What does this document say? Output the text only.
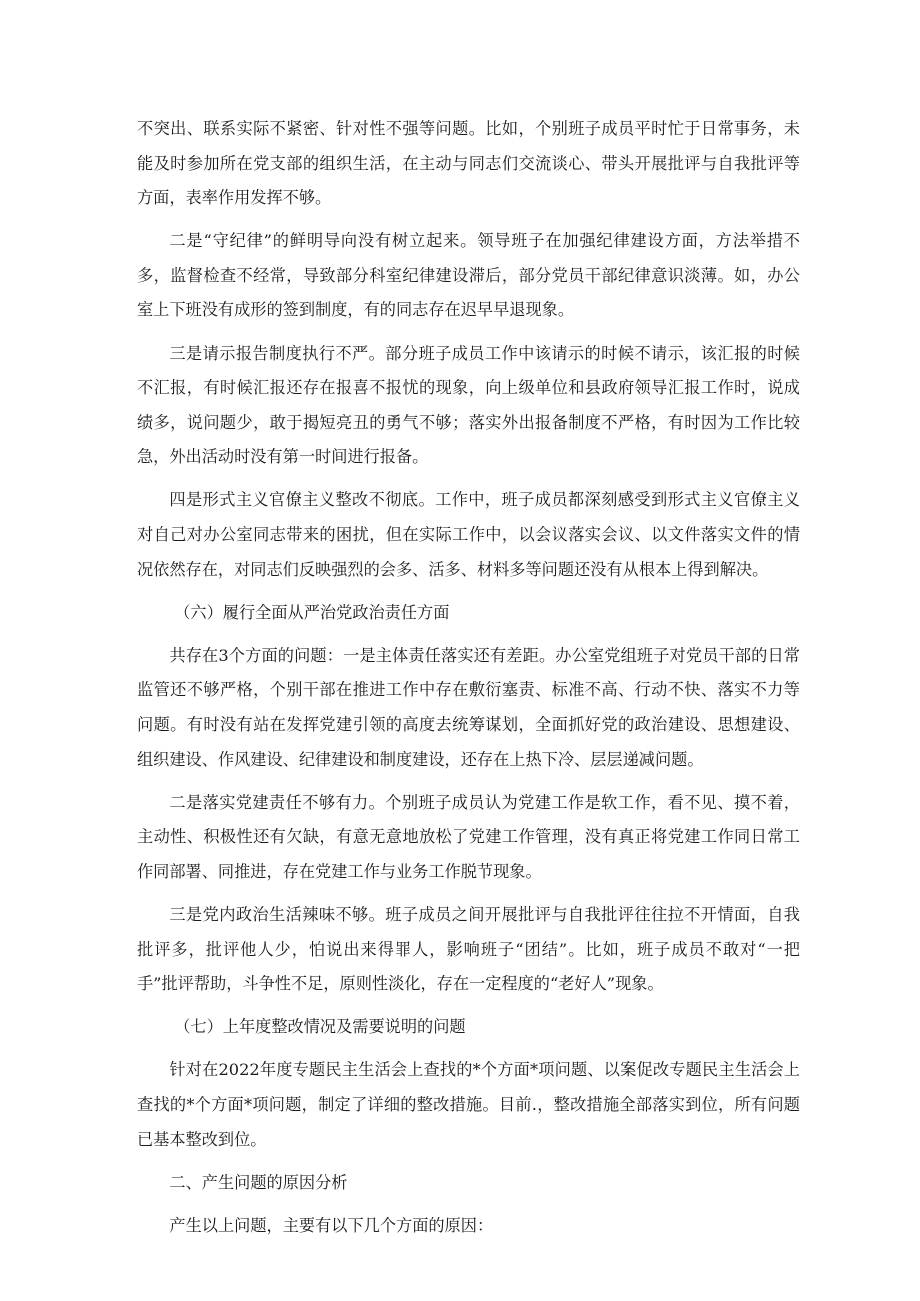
不突出、联系实际不紧密、针对性不强等问题。比如，个别班子成员平时忙于日常事务，未能及时参加所在党支部的组织生活，在主动与同志们交流谈心、带头开展批评与自我批评等方面，表率作用发挥不够。

二是“守纪律”的鲜明导向没有树立起来。领导班子在加强纪律建设方面，方法举措不多，监督检查不经常，导致部分科室纪律建设滞后，部分党员干部纪律意识淡薄。如，办公室上下班没有成形的签到制度，有的同志存在迟早早退现象。

三是请示报告制度执行不严。部分班子成员工作中该请示的时候不请示，该汇报的时候不汇报，有时候汇报还存在报喜不报忧的现象，向上级单位和县政府领导汇报工作时，说成绩多，说问题少，敢于揭短亮丑的勇气不够；落实外出报备制度不严格，有时因为工作比较急，外出活动时没有第一时间进行报备。

四是形式主义官僚主义整改不彻底。工作中，班子成员都深刻感受到形式主义官僚主义对自己对办公室同志带来的困扰，但在实际工作中，以会议落实会议、以文件落实文件的情况依然存在，对同志们反映强烈的会多、活多、材料多等问题还没有从根本上得到解决。

（六）履行全面从严治党政治责任方面

共存在3个方面的问题：一是主体责任落实还有差距。办公室党组班子对党员干部的日常监管还不够严格，个别干部在推进工作中存在敷衍塞责、标准不高、行动不快、落实不力等问题。有时没有站在发挥党建引领的高度去统筹谋划，全面抓好党的政治建设、思想建设、组织建设、作风建设、纪律建设和制度建设，还存在上热下冷、层层递减问题。

二是落实党建责任不够有力。个别班子成员认为党建工作是软工作，看不见、摸不着，主动性、积极性还有欠缺，有意无意地放松了党建工作管理，没有真正将党建工作同日常工作同部署、同推进，存在党建工作与业务工作脱节现象。

三是党内政治生活辣味不够。班子成员之间开展批评与自我批评往往拉不开情面，自我批评多，批评他人少，怕说出来得罪人，影响班子“团结”。比如，班子成员不敢对“一把手”批评帮助，斗争性不足，原则性淡化，存在一定程度的“老好人”现象。

（七）上年度整改情况及需要说明的问题

针对在2022年度专题民主生活会上查找的*个方面*项问题、以案促改专题民主生活会上查找的*个方面*项问题，制定了详细的整改措施。目前.，整改措施全部落实到位，所有问题已基本整改到位。

二、产生问题的原因分析

产生以上问题，主要有以下几个方面的原因：
